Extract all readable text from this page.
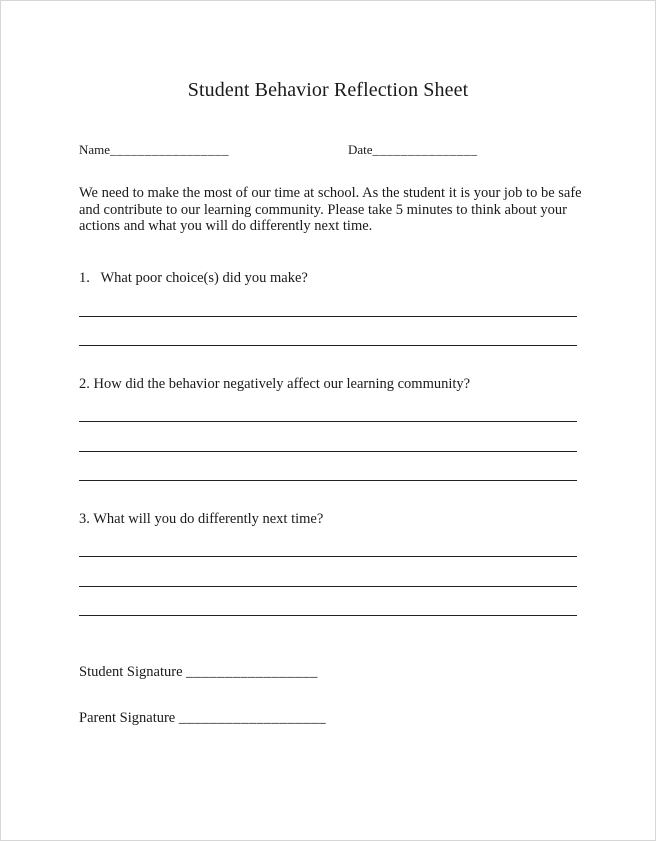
Student Behavior Reflection Sheet
Name_________________	Date_______________
We need to make the most of our time at school. As the student it is your job to be safe and contribute to our learning community. Please take 5 minutes to think about your actions and what you will do differently next time.
1.   What poor choice(s) did you make?
2. How did the behavior negatively affect our learning community?
3. What will you do differently next time?
Student Signature _________________
Parent Signature ___________________
